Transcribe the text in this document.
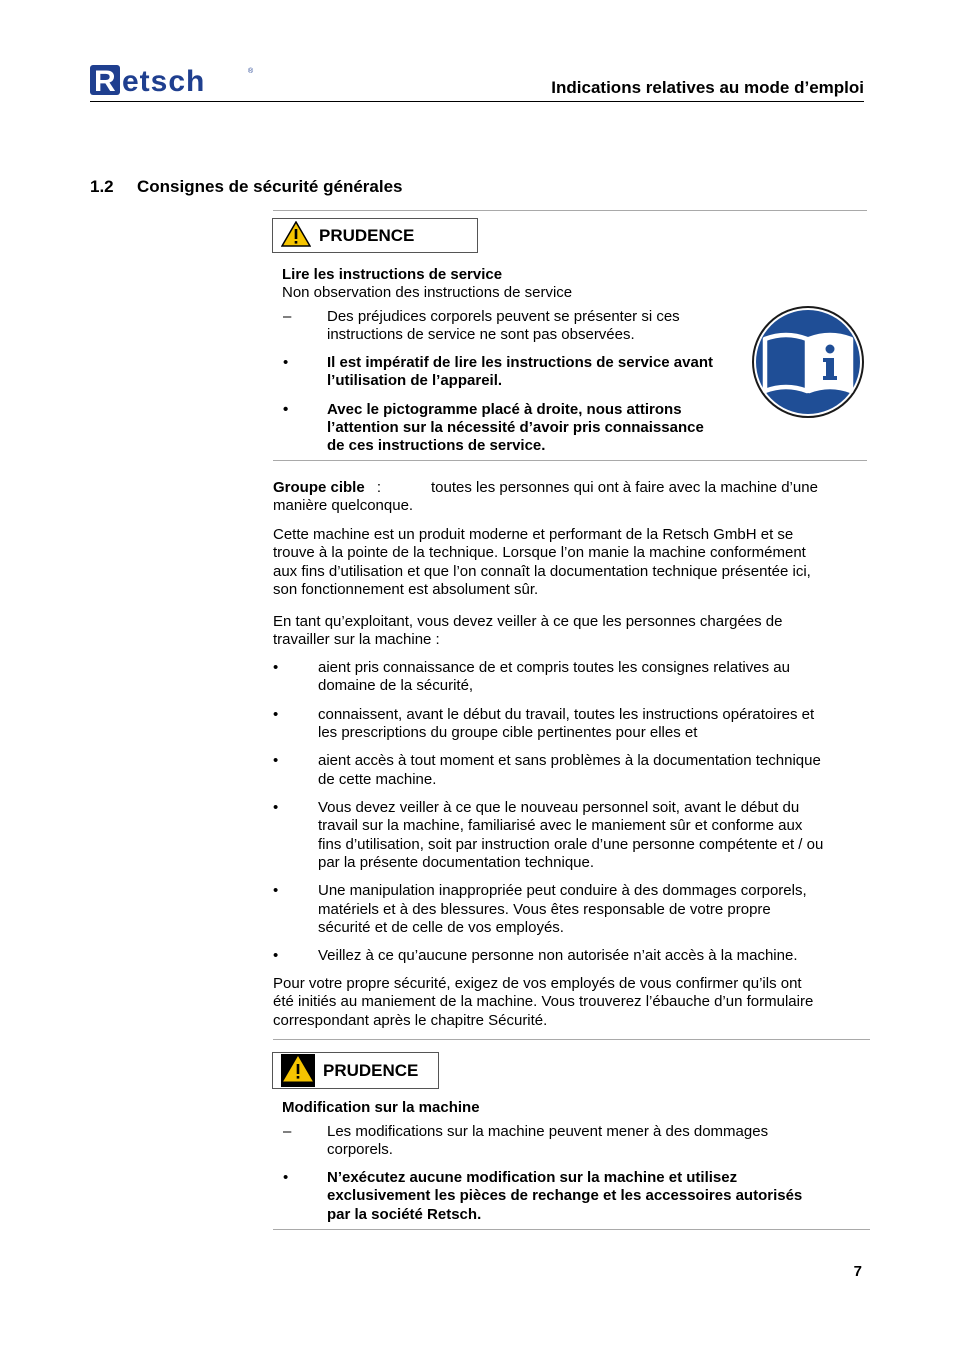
R etsch	®
Indications relatives au mode d’emploi
1.2 Consignes de sécurité générales
PRUDENCE
Lire les instructions de service
Non observation des instructions de service
– Des préjudices corporels peuvent se présenter si ces
instructions de service ne sont pas observées.
•	Il est impératif de lire les instructions de service avant
l’utilisation de l’appareil.
•	Avec le pictogramme placé à droite, nous attirons
l’attention sur la nécessité d’avoir pris connaissance
de ces instructions de service.
Groupe cible :	toutes les personnes qui ont à faire avec la machine d’une
manière quelconque.
Cette machine est un produit moderne et performant de la Retsch GmbH et se
trouve à la pointe de la technique. Lorsque l’on manie la machine conformément
aux fins d’utilisation et que l’on connaît la documentation technique présentée ici,
son fonctionnement est absolument sûr.
En tant qu’exploitant, vous devez veiller à ce que les personnes chargées de
travailler sur la machine :
•	aient pris connaissance de et compris toutes les consignes relatives au
domaine de la sécurité,
•	connaissent, avant le début du travail, toutes les instructions opératoires et
les prescriptions du groupe cible pertinentes pour elles et
•	aient accès à tout moment et sans problèmes à la documentation technique
de cette machine.
•	Vous devez veiller à ce que le nouveau personnel soit, avant le début du
travail sur la machine, familiarisé avec le maniement sûr et conforme aux
fins d’utilisation, soit par instruction orale d’une personne compétente et / ou
par la présente documentation technique.
•	Une manipulation inappropriée peut conduire à des dommages corporels,
matériels et à des blessures. Vous êtes responsable de votre propre
sécurité et de celle de vos employés.
•	Veillez à ce qu’aucune personne non autorisée n’ait accès à la machine.
Pour votre propre sécurité, exigez de vos employés de vous confirmer qu’ils ont
été initiés au maniement de la machine. Vous trouverez l’ébauche d’un formulaire
correspondant après le chapitre Sécurité.
PRUDENCE
Modification sur la machine
– Les modifications sur la machine peuvent mener à des dommages
corporels.
•	N’exécutez aucune modification sur la machine et utilisez
exclusivement les pièces de rechange et les accessoires autorisés
par la société Retsch.
7
